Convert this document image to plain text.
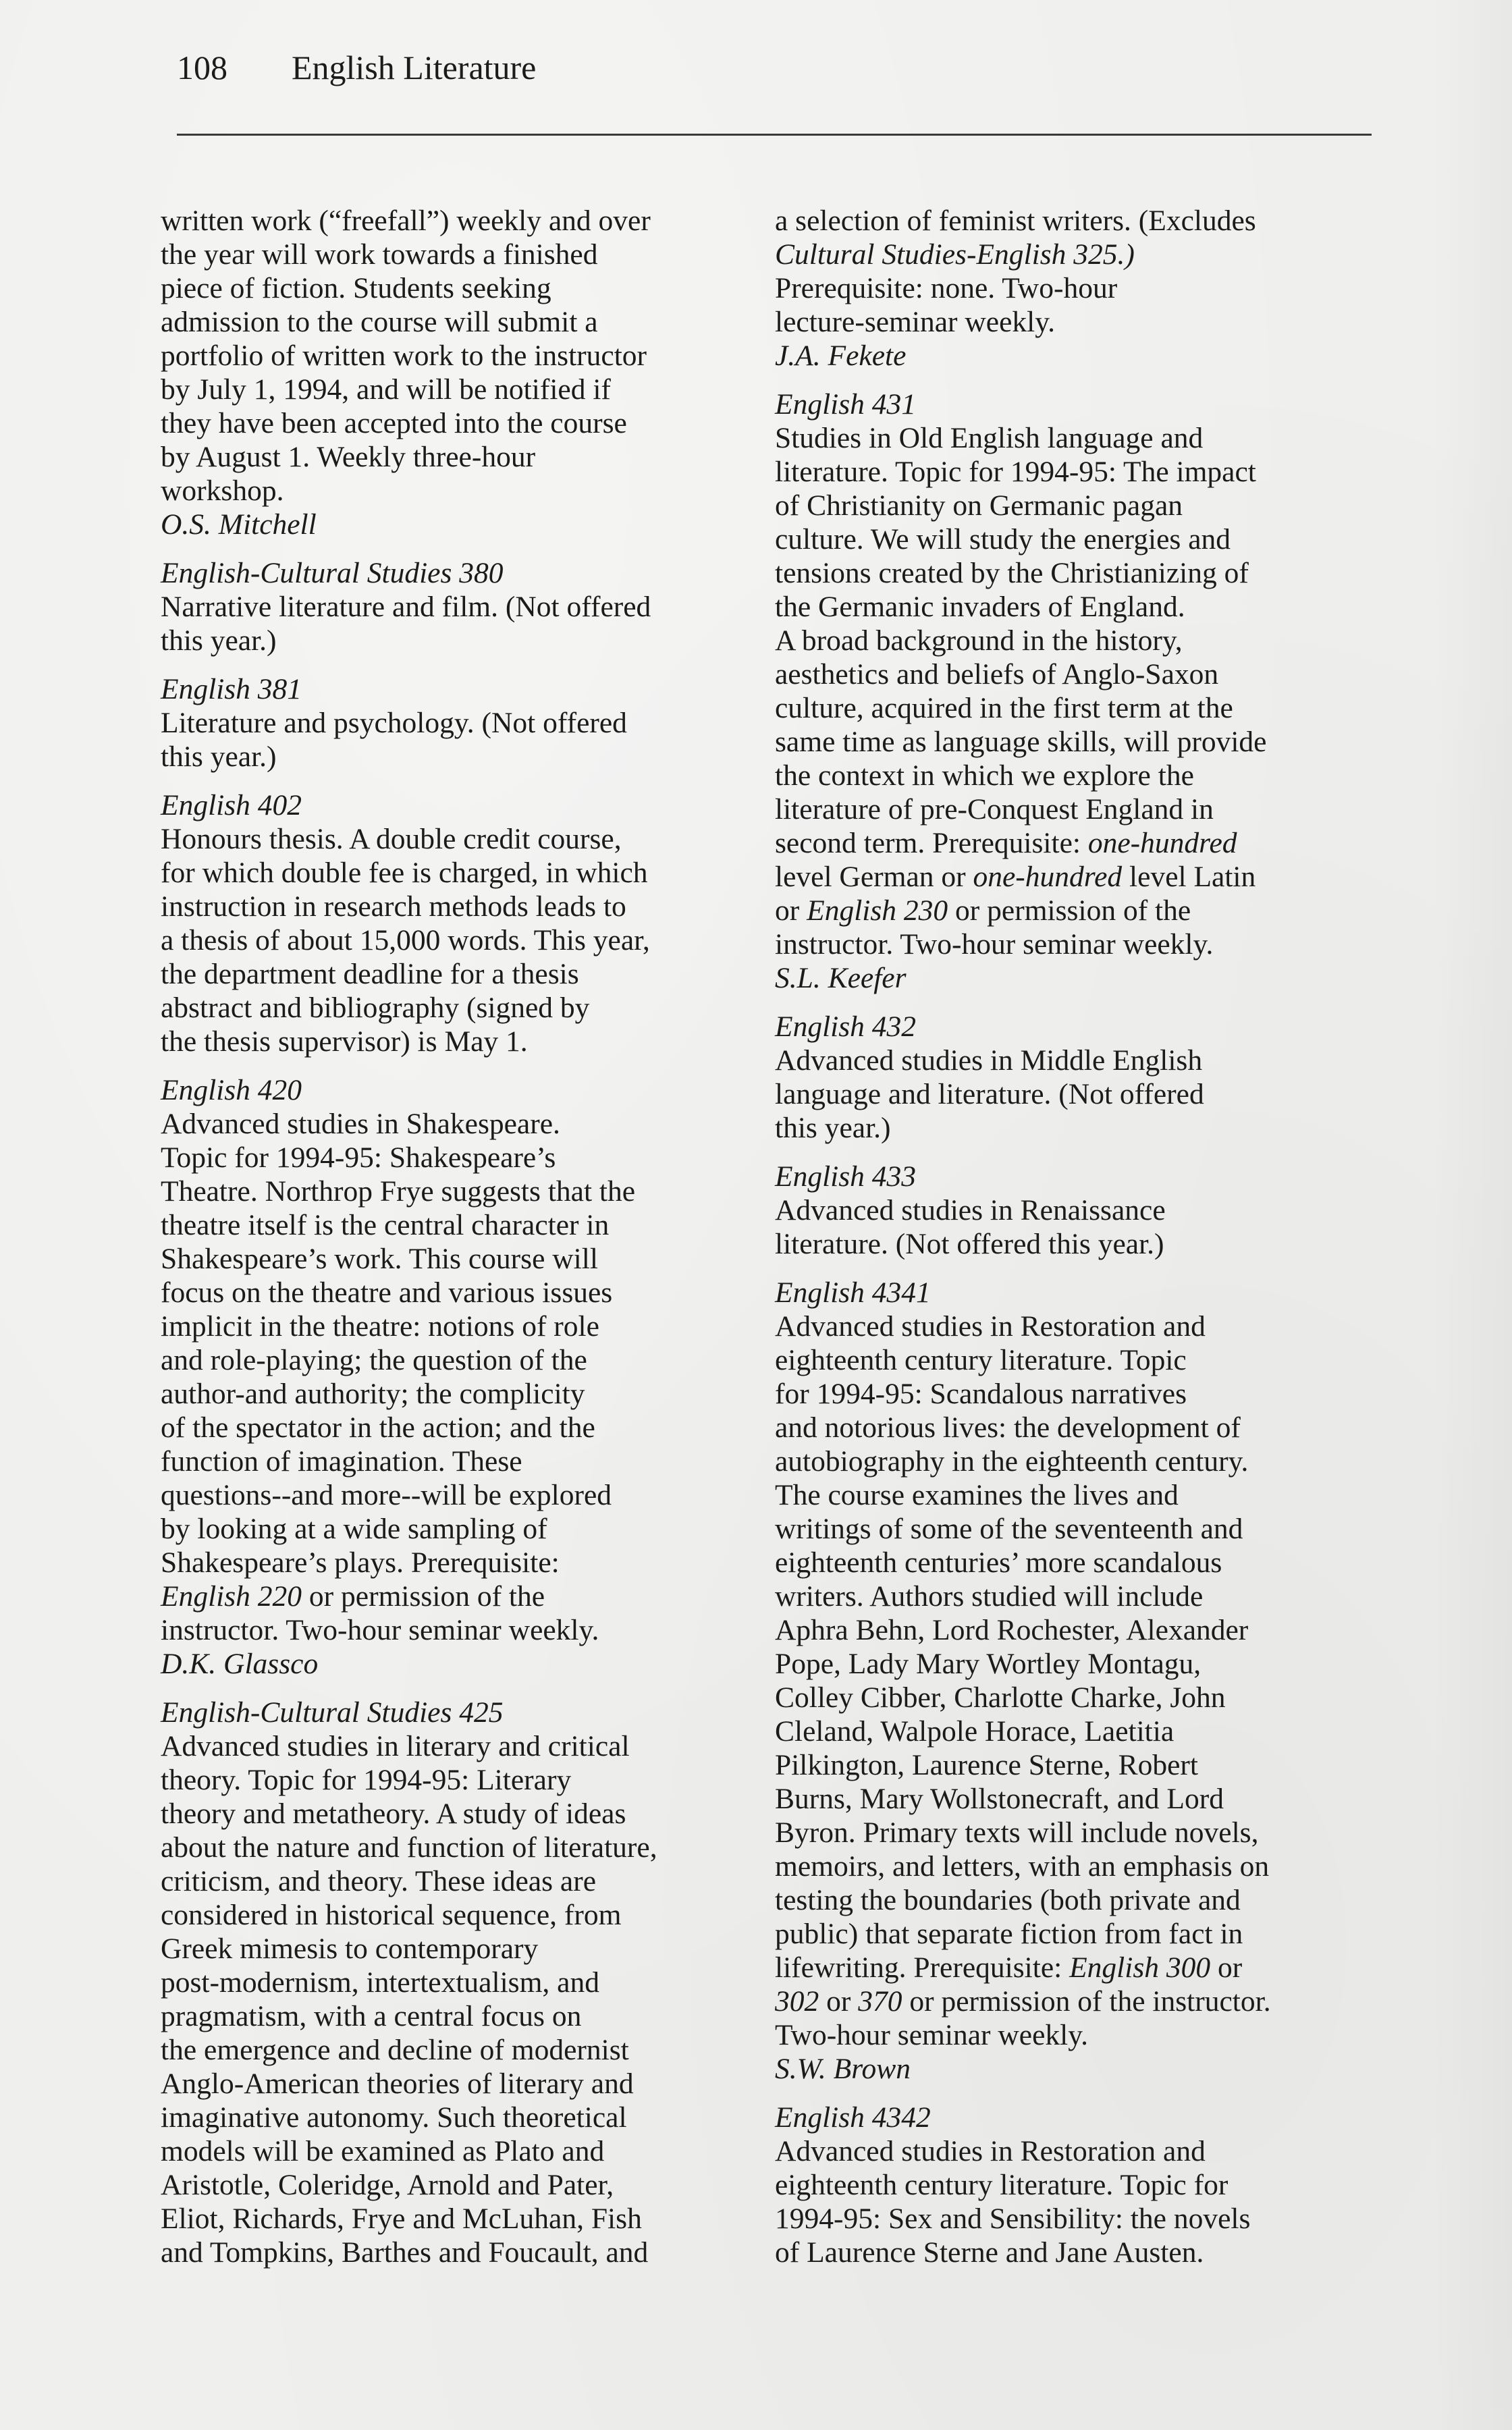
108 English Literature
written work (“freefall”) weekly and over
the year will work towards a finished
piece of fiction. Students seeking
admission to the course will submit a
portfolio of written work to the instructor
by July 1, 1994, and will be notified if
they have been accepted into the course
by August 1. Weekly three-hour
workshop.
O.S. Mitchell
English-Cultural Studies 380
Narrative literature and film. (Not offered
this year.)
English 381
Literature and psychology. (Not offered
this year.)
English 402
Honours thesis. A double credit course,
for which double fee is charged, in which
instruction in research methods leads to
a thesis of about 15,000 words. This year,
the department deadline for a thesis
abstract and bibliography (signed by
the thesis supervisor) is May 1.
English 420
Advanced studies in Shakespeare.
Topic for 1994-95: Shakespeare’s
Theatre. Northrop Frye suggests that the
theatre itself is the central character in
Shakespeare’s work. This course will
focus on the theatre and various issues
implicit in the theatre: notions of role
and role-playing; the question of the
author-and authority; the complicity
of the spectator in the action; and the
function of imagination. These
questions--and more--will be explored
by looking at a wide sampling of
Shakespeare’s plays. Prerequisite:
English 220 or permission of the
instructor. Two-hour seminar weekly.
D.K. Glassco
English-Cultural Studies 425
Advanced studies in literary and critical
theory. Topic for 1994-95: Literary
theory and metatheory. A study of ideas
about the nature and function of literature,
criticism, and theory. These ideas are
considered in historical sequence, from
Greek mimesis to contemporary
post-modernism, intertextualism, and
pragmatism, with a central focus on
the emergence and decline of modernist
Anglo-American theories of literary and
imaginative autonomy. Such theoretical
models will be examined as Plato and
Aristotle, Coleridge, Arnold and Pater,
Eliot, Richards, Frye and McLuhan, Fish
and Tompkins, Barthes and Foucault, and
a selection of feminist writers. (Excludes
Cultural Studies-English 325.)
Prerequisite: none. Two-hour
lecture-seminar weekly.
J.A. Fekete
English 431
Studies in Old English language and
literature. Topic for 1994-95: The impact
of Christianity on Germanic pagan
culture. We will study the energies and
tensions created by the Christianizing of
the Germanic invaders of England.
A broad background in the history,
aesthetics and beliefs of Anglo-Saxon
culture, acquired in the first term at the
same time as language skills, will provide
the context in which we explore the
literature of pre-Conquest England in
second term. Prerequisite: one-hundred
level German or one-hundred level Latin
or English 230 or permission of the
instructor. Two-hour seminar weekly.
S.L. Keefer
English 432
Advanced studies in Middle English
language and literature. (Not offered
this year.)
English 433
Advanced studies in Renaissance
literature. (Not offered this year.)
English 4341
Advanced studies in Restoration and
eighteenth century literature. Topic
for 1994-95: Scandalous narratives
and notorious lives: the development of
autobiography in the eighteenth century.
The course examines the lives and
writings of some of the seventeenth and
eighteenth centuries’ more scandalous
writers. Authors studied will include
Aphra Behn, Lord Rochester, Alexander
Pope, Lady Mary Wortley Montagu,
Colley Cibber, Charlotte Charke, John
Cleland, Walpole Horace, Laetitia
Pilkington, Laurence Sterne, Robert
Burns, Mary Wollstonecraft, and Lord
Byron. Primary texts will include novels,
memoirs, and letters, with an emphasis on
testing the boundaries (both private and
public) that separate fiction from fact in
lifewriting. Prerequisite: English 300 or
302 or 370 or permission of the instructor.
Two-hour seminar weekly.
S.W. Brown
English 4342
Advanced studies in Restoration and
eighteenth century literature. Topic for
1994-95: Sex and Sensibility: the novels
of Laurence Sterne and Jane Austen.
